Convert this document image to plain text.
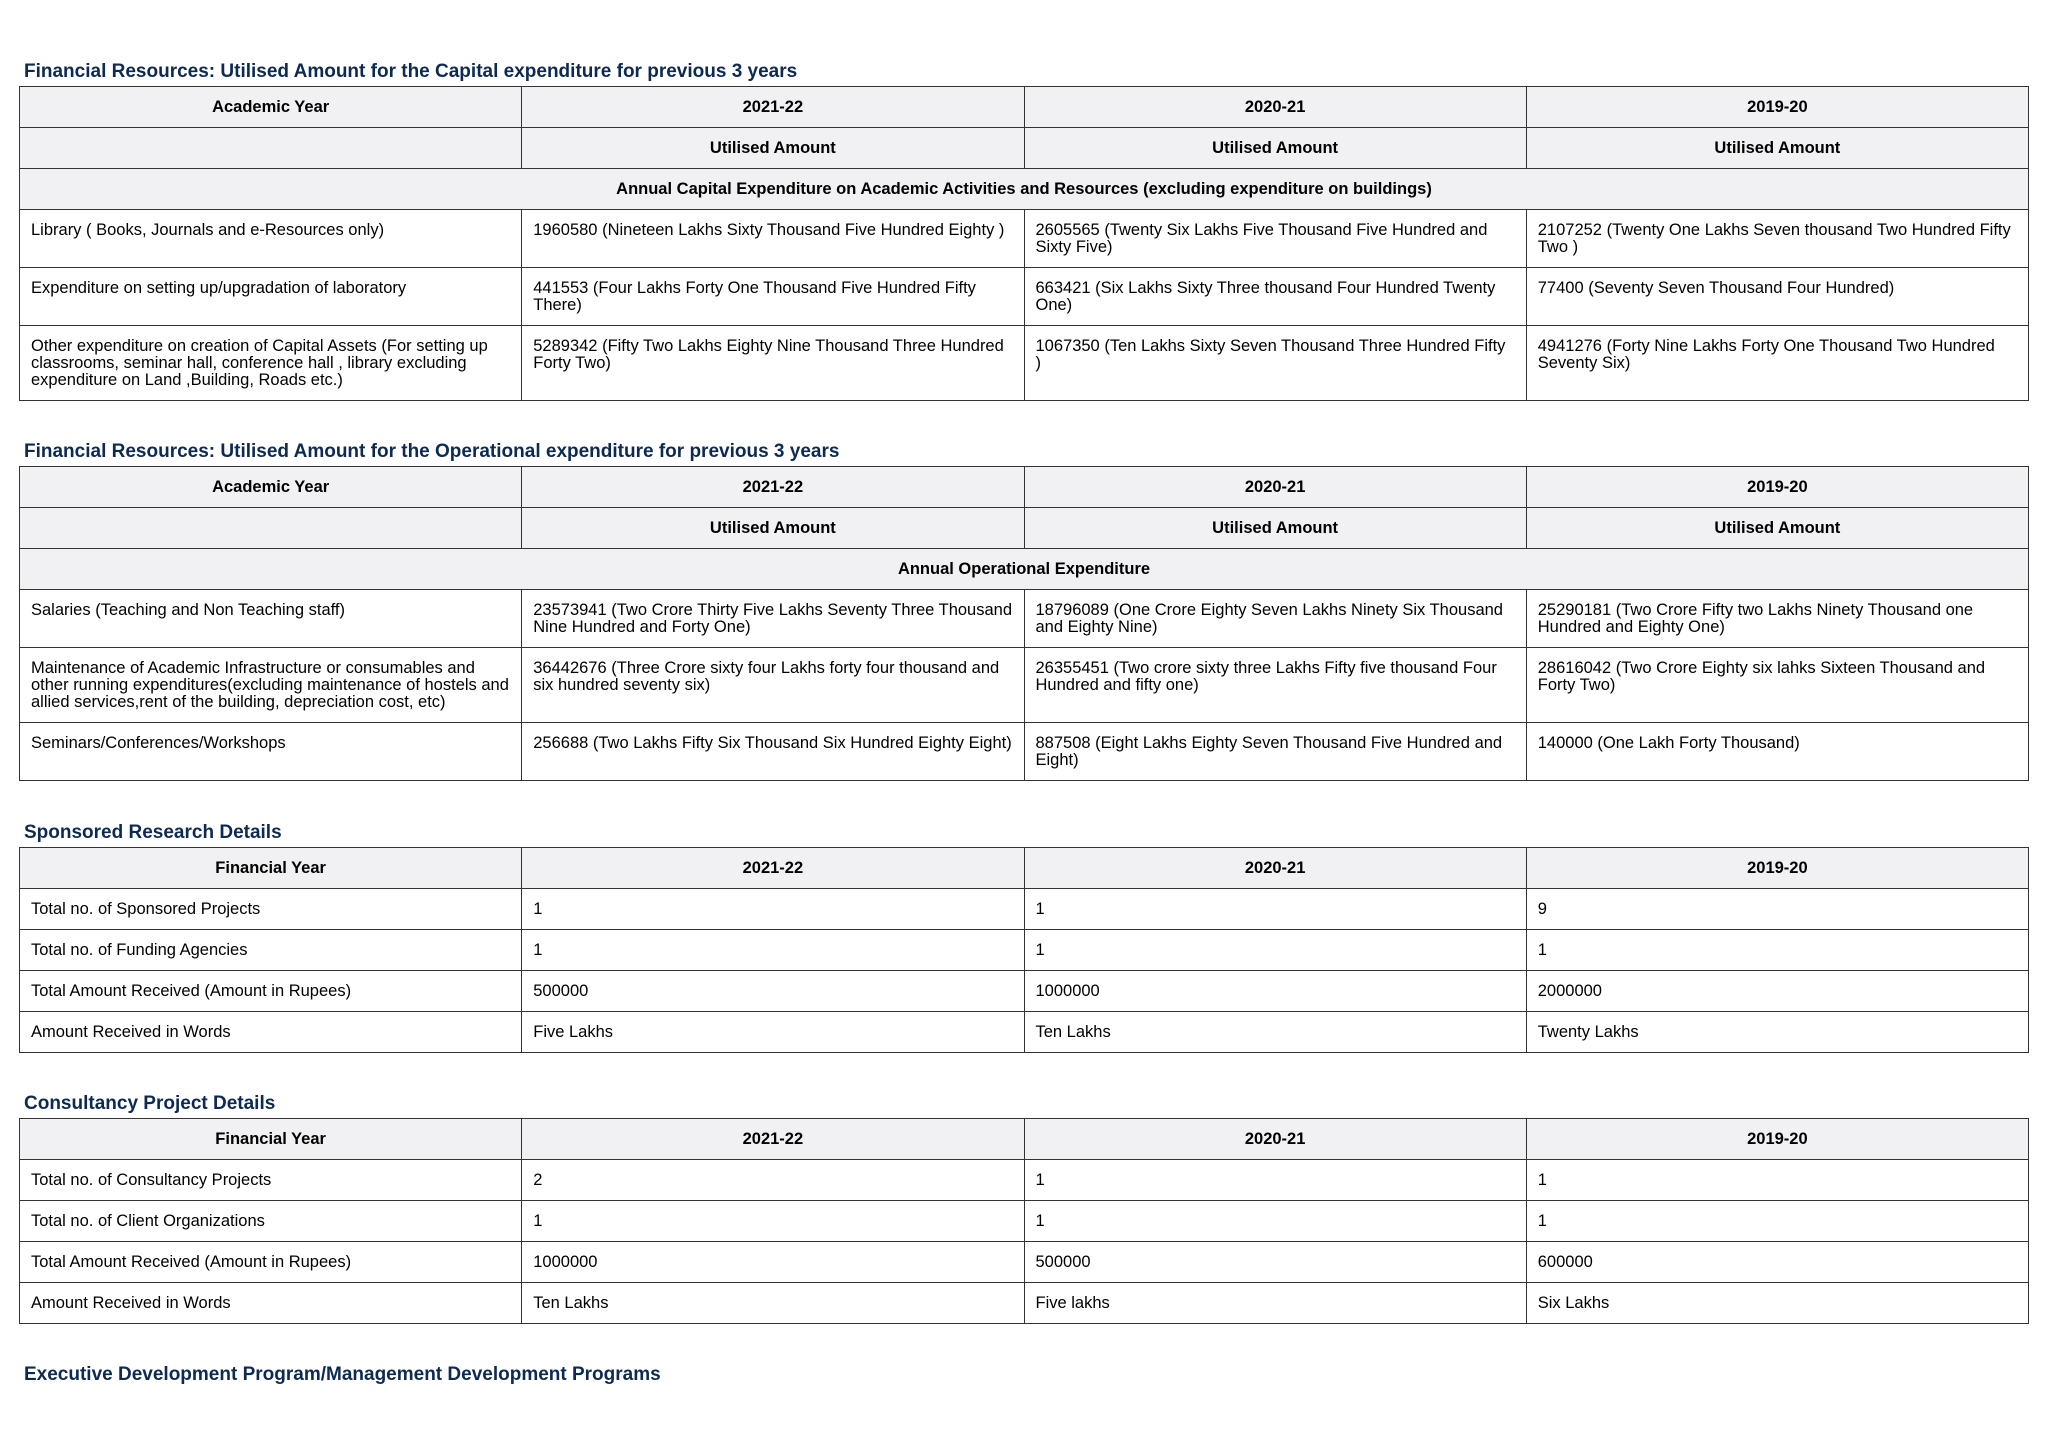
Financial Resources: Utilised Amount for the Capital expenditure for previous 3 years
Academic Year	2021-22	2020-21	2019-20
	Utilised Amount	Utilised Amount	Utilised Amount
Annual Capital Expenditure on Academic Activities and Resources (excluding expenditure on buildings)			
Library ( Books, Journals and e-Resources only)	1960580 (Nineteen Lakhs Sixty Thousand Five Hundred Eighty )	2605565 (Twenty Six Lakhs Five Thousand Five Hundred and Sixty Five)	2107252 (Twenty One Lakhs Seven thousand Two Hundred Fifty Two )
Expenditure on setting up/upgradation of laboratory	441553 (Four Lakhs Forty One Thousand Five Hundred Fifty There)	663421 (Six Lakhs Sixty Three thousand Four Hundred Twenty One)	77400 (Seventy Seven Thousand Four Hundred)
Other expenditure on creation of Capital Assets (For setting up classrooms, seminar hall, conference hall , library excluding expenditure on Land ,Building, Roads etc.)	5289342 (Fifty Two Lakhs Eighty Nine Thousand Three Hundred Forty Two)	1067350 (Ten Lakhs Sixty Seven Thousand Three Hundred Fifty )	4941276 (Forty Nine Lakhs Forty One Thousand Two Hundred Seventy Six)
Financial Resources: Utilised Amount for the Operational expenditure for previous 3 years
Academic Year	2021-22	2020-21	2019-20
	Utilised Amount	Utilised Amount	Utilised Amount
Annual Operational Expenditure			
Salaries (Teaching and Non Teaching staff)	23573941 (Two Crore Thirty Five Lakhs Seventy Three Thousand Nine Hundred and Forty One)	18796089 (One Crore Eighty Seven Lakhs Ninety Six Thousand and Eighty Nine)	25290181 (Two Crore Fifty two Lakhs Ninety Thousand one Hundred and Eighty One)
Maintenance of Academic Infrastructure or consumables and other running expenditures(excluding maintenance of hostels and allied services,rent of the building, depreciation cost, etc)	36442676 (Three Crore sixty four Lakhs forty four thousand and six hundred seventy six)	26355451 (Two crore sixty three Lakhs Fifty five thousand Four Hundred and fifty one)	28616042 (Two Crore Eighty six lahks Sixteen Thousand and Forty Two)
Seminars/Conferences/Workshops	256688 (Two Lakhs Fifty Six Thousand Six Hundred Eighty Eight)	887508 (Eight Lakhs Eighty Seven Thousand Five Hundred and Eight)	140000 (One Lakh Forty Thousand)
Sponsored Research Details
Financial Year	2021-22	2020-21	2019-20
Total no. of Sponsored Projects	1	1	9
Total no. of Funding Agencies	1	1	1
Total Amount Received (Amount in Rupees)	500000	1000000	2000000
Amount Received in Words	Five Lakhs	Ten Lakhs	Twenty Lakhs
Consultancy Project Details
Financial Year	2021-22	2020-21	2019-20
Total no. of Consultancy Projects	2	1	1
Total no. of Client Organizations	1	1	1
Total Amount Received (Amount in Rupees)	1000000	500000	600000
Amount Received in Words	Ten Lakhs	Five lakhs	Six Lakhs
Executive Development Program/Management Development Programs
